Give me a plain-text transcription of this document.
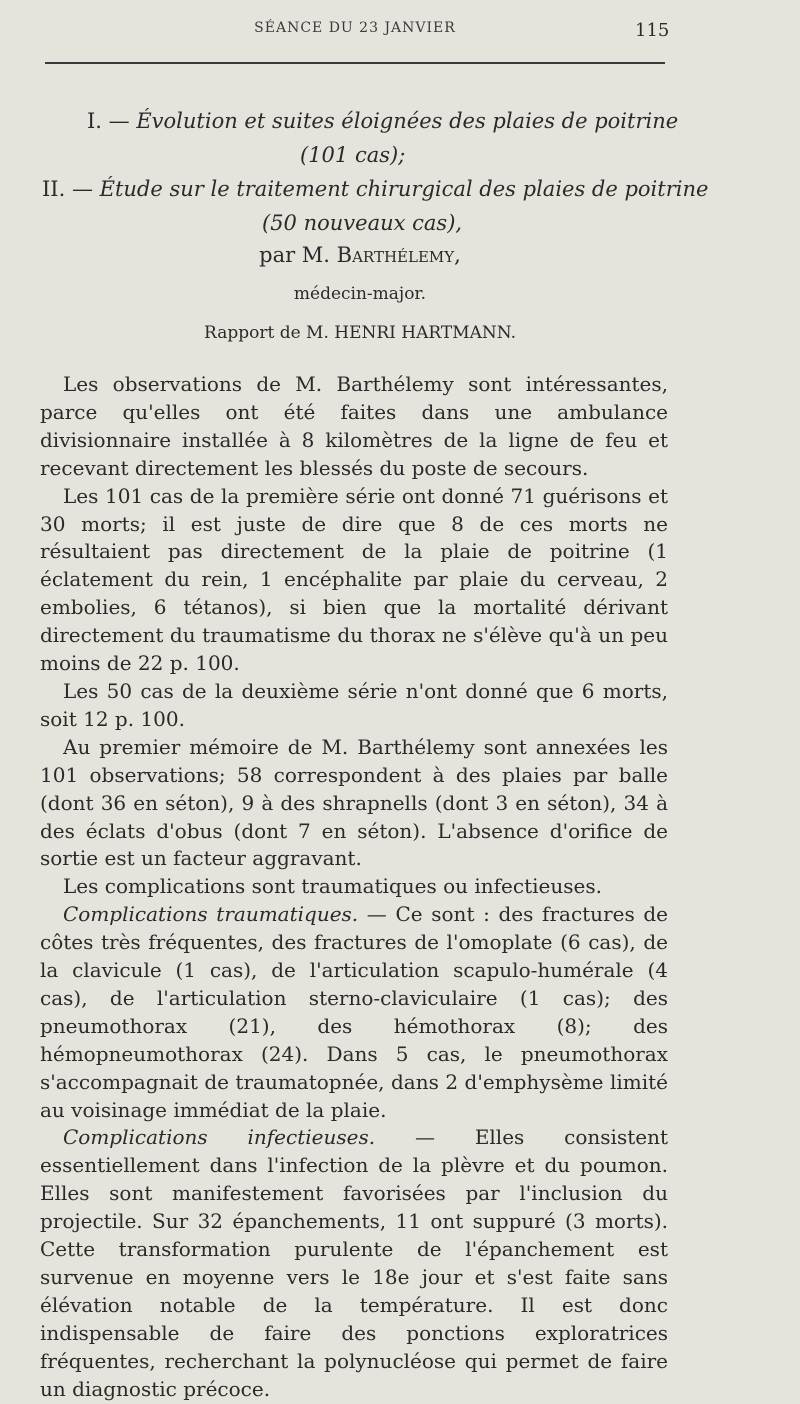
SÉANCE DU 23 JANVIER	115
I. — Évolution et suites éloignées des plaies de poitrine
(101 cas);
II. — Étude sur le traitement chirurgical des plaies de poitrine
(50 nouveaux cas),
par M. Barthélemy,
médecin-major.
Rapport de M. HENRI HARTMANN.

Les observations de M. Barthélemy sont intéressantes, parce qu'elles ont été faites dans une ambulance divisionnaire installée à 8 kilomètres de la ligne de feu et recevant directement les blessés du poste de secours.

Les 101 cas de la première série ont donné 71 guérisons et 30 morts; il est juste de dire que 8 de ces morts ne résultaient pas directement de la plaie de poitrine (1 éclatement du rein, 1 encéphalite par plaie du cerveau, 2 embolies, 6 tétanos), si bien que la mortalité dérivant directement du traumatisme du thorax ne s'élève qu'à un peu moins de 22 p. 100.

Les 50 cas de la deuxième série n'ont donné que 6 morts, soit 12 p. 100.

Au premier mémoire de M. Barthélemy sont annexées les 101 observations; 58 correspondent à des plaies par balle (dont 36 en séton), 9 à des shrapnells (dont 3 en séton), 34 à des éclats d'obus (dont 7 en séton). L'absence d'orifice de sortie est un facteur aggravant.

Les complications sont traumatiques ou infectieuses.

Complications traumatiques. — Ce sont : des fractures de côtes très fréquentes, des fractures de l'omoplate (6 cas), de la clavicule (1 cas), de l'articulation scapulo-humérale (4 cas), de l'articulation sterno-claviculaire (1 cas); des pneumothorax (21), des hémothorax (8); des hémopneumothorax (24). Dans 5 cas, le pneumothorax s'accompagnait de traumatopnée, dans 2 d'emphysème limité au voisinage immédiat de la plaie.

Complications infectieuses. — Elles consistent essentiellement dans l'infection de la plèvre et du poumon. Elles sont manifestement favorisées par l'inclusion du projectile. Sur 32 épanchements, 11 ont suppuré (3 morts). Cette transformation purulente de l'épanchement est survenue en moyenne vers le 18e jour et s'est faite sans élévation notable de la température. Il est donc indispensable de faire des ponctions exploratrices fréquentes, recherchant la polynucléose qui permet de faire un diagnostic précoce.
